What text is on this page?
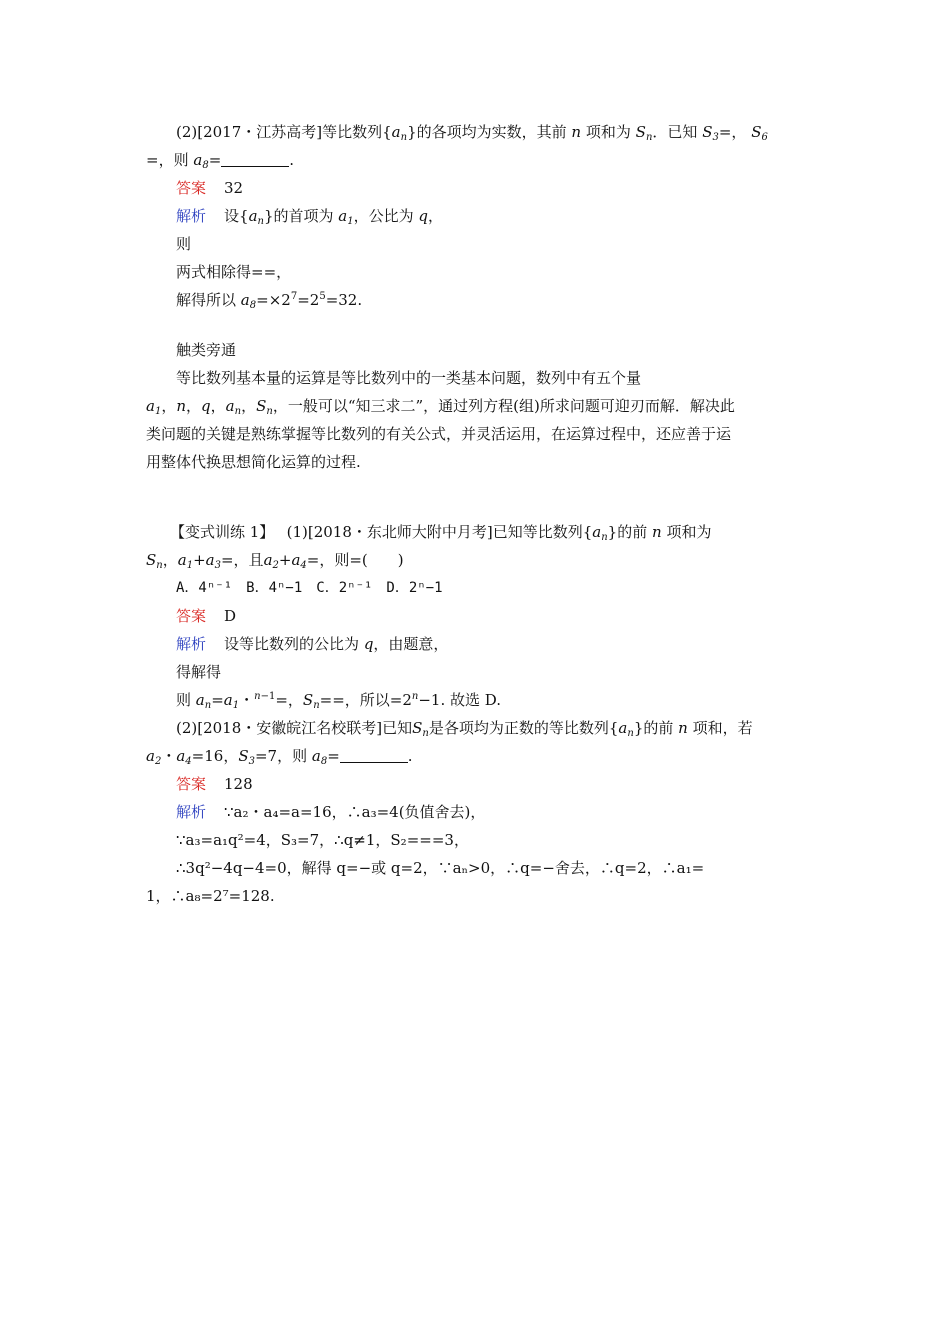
(2)[2017・江苏高考]等比数列$\{a_n\}$的各项均为实数，其前 n 项和为 $S_n$．已知 $S_3=$， $S_6$
=，则 $a_8=$	.
答案 32
解析 设$\{a_n\}$的首项为 $a_1$，公比为 q，
则
两式相除得==，
解得所以 $a_8=\times 2^7=2^5=32$.
触类旁通
等比数列基本量的运算是等比数列中的一类基本问题，数列中有五个量
$a_1$，n，q，$a_n$，$S_n$，一般可以“知三求二”，通过列方程(组)所求问题可迎刃而解．解决此
类问题的关键是熟练掌握等比数列的有关公式，并灵活运用，在运算过程中，还应善于运
用整体代换思想简化运算的过程.
【变式训练 1】　 (1)[2018・东北师大附中月考]已知等比数列$\{a_n\}$的前 n 项和为
$S_n$，$a_1+a_3=$，且$a_2+a_4=$，则=(　　)
A．4ⁿ⁻¹　B．4ⁿ−1　C．2ⁿ⁻¹　D．2ⁿ−1
答案 D
解析 设等比数列的公比为 q，由题意，
得解得
则 $a_n=a_1$・$^{n-1}$=，$S_n==$，所以$=2^n-1$. 故选 D.
(2)[2018・安徽皖江名校联考]已知$S_n$是各项均为正数的等比数列$\{a_n\}$的前 n 项和，若
$a_2$・$a_4=16$，$S_3=7$，则 $a_8=$	.
答案 128
解析 ∵a₂・a₄=a=16，∴a₃=4(负值舍去)，
∵a₃=a₁q²=4，S₃=7，∴q≠1，S₂===3，
∴3q²−4q−4=0，解得 q=−或 q=2，∵aₙ>0，∴q=−舍去，∴q=2，∴a₁=
1，∴a₈=2⁷=128.
